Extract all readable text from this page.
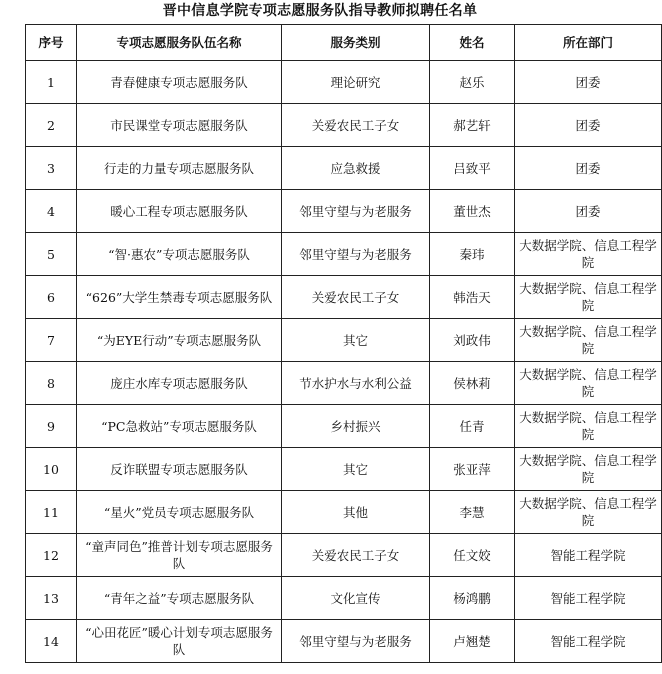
晋中信息学院专项志愿服务队指导教师拟聘任名单
序号	专项志愿服务队伍名称	服务类别	姓名	所在部门
1	青春健康专项志愿服务队	理论研究	赵乐	团委
2	市民课堂专项志愿服务队	关爱农民工子女	郝艺轩	团委
3	行走的力量专项志愿服务队	应急救援	吕致平	团委
4	暖心工程专项志愿服务队	邻里守望与为老服务	董世杰	团委
5	“智·惠农”专项志愿服务队	邻里守望与为老服务	秦玮	大数据学院、信息工程学院
6	“626”大学生禁毒专项志愿服务队	关爱农民工子女	韩浩天	大数据学院、信息工程学院
7	“为EYE行动”专项志愿服务队	其它	刘政伟	大数据学院、信息工程学院
8	庞庄水库专项志愿服务队	节水护水与水利公益	侯林莉	大数据学院、信息工程学院
9	“PC急救站”专项志愿服务队	乡村振兴	任青	大数据学院、信息工程学院
10	反诈联盟专项志愿服务队	其它	张亚萍	大数据学院、信息工程学院
11	“星火”党员专项志愿服务队	其他	李慧	大数据学院、信息工程学院
12	“童声同色”推普计划专项志愿服务队	关爱农民工子女	任文姣	智能工程学院
13	“青年之益”专项志愿服务队	文化宣传	杨鸿鹏	智能工程学院
14	“心田花匠”暖心计划专项志愿服务队	邻里守望与为老服务	卢翘楚	智能工程学院
